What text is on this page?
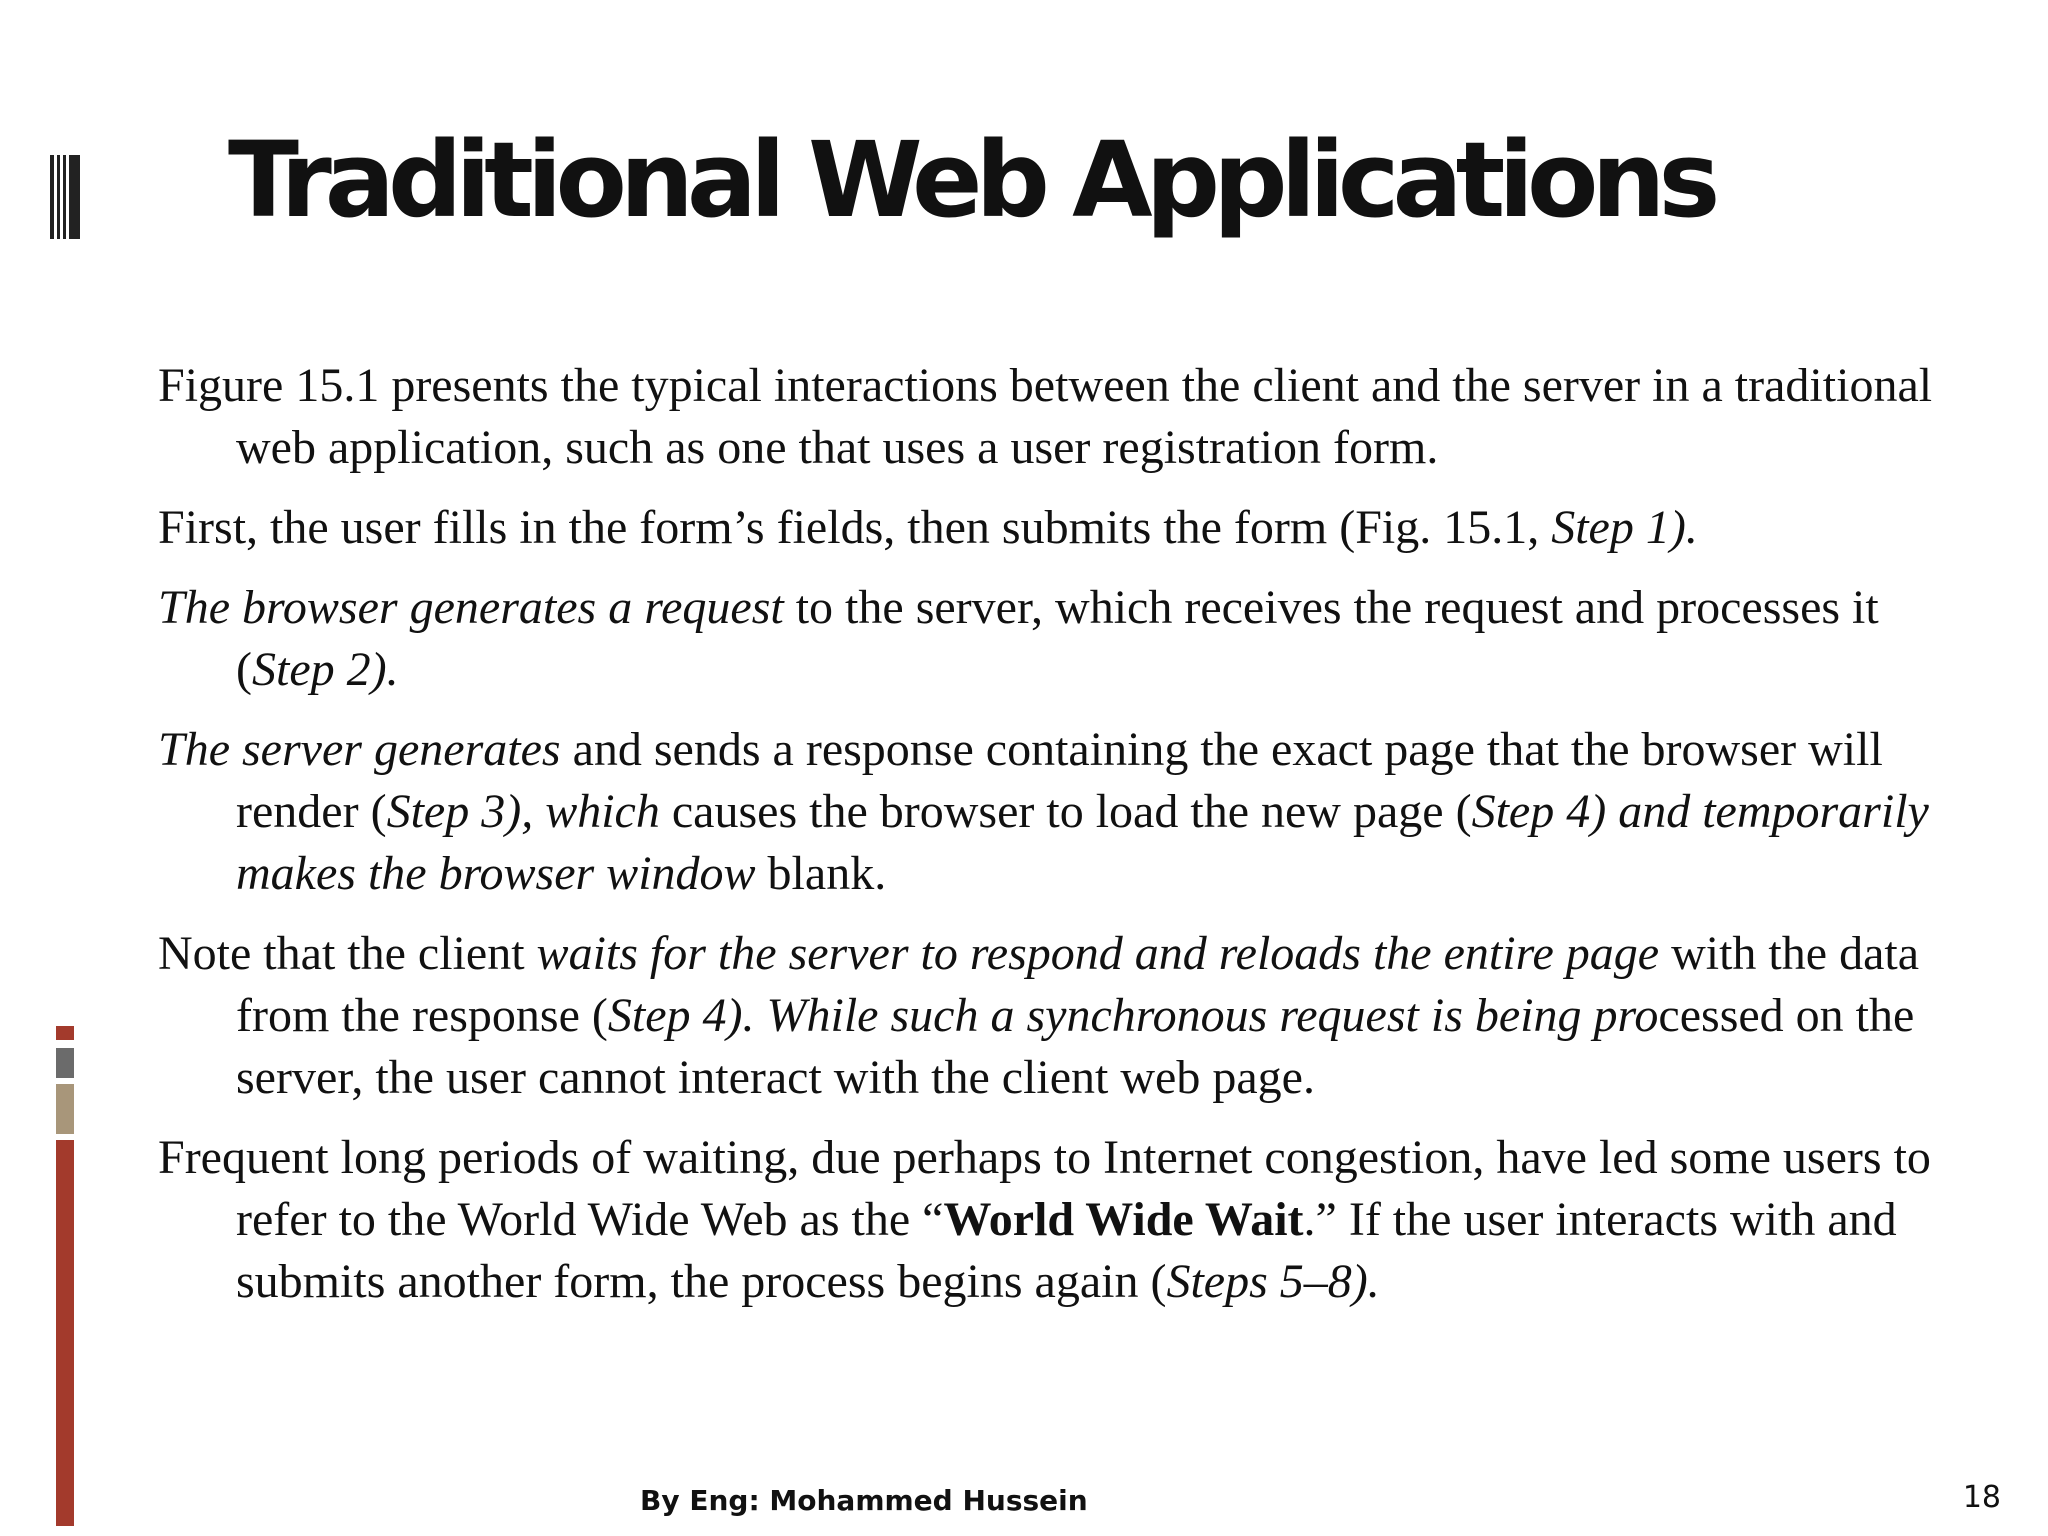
Traditional Web Applications

Figure 15.1 presents the typical interactions between the client and the server in a traditional web application, such as one that uses a user registration form.

First, the user fills in the form’s fields, then submits the form (Fig. 15.1, Step 1).

The browser generates a request to the server, which receives the request and processes it (Step 2).

The server generates and sends a response containing the exact page that the browser will render (Step 3), which causes the browser to load the new page (Step 4) and temporarily makes the browser window blank.

Note that the client waits for the server to respond and reloads the entire page with the data from the response (Step 4). While such a synchronous request is being processed on the server, the user cannot interact with the client web page.

Frequent long periods of waiting, due perhaps to Internet congestion, have led some users to refer to the World Wide Web as the “World Wide Wait.” If the user interacts with and submits another form, the process begins again (Steps 5–8).

By Eng: Mohammed Hussein	18
